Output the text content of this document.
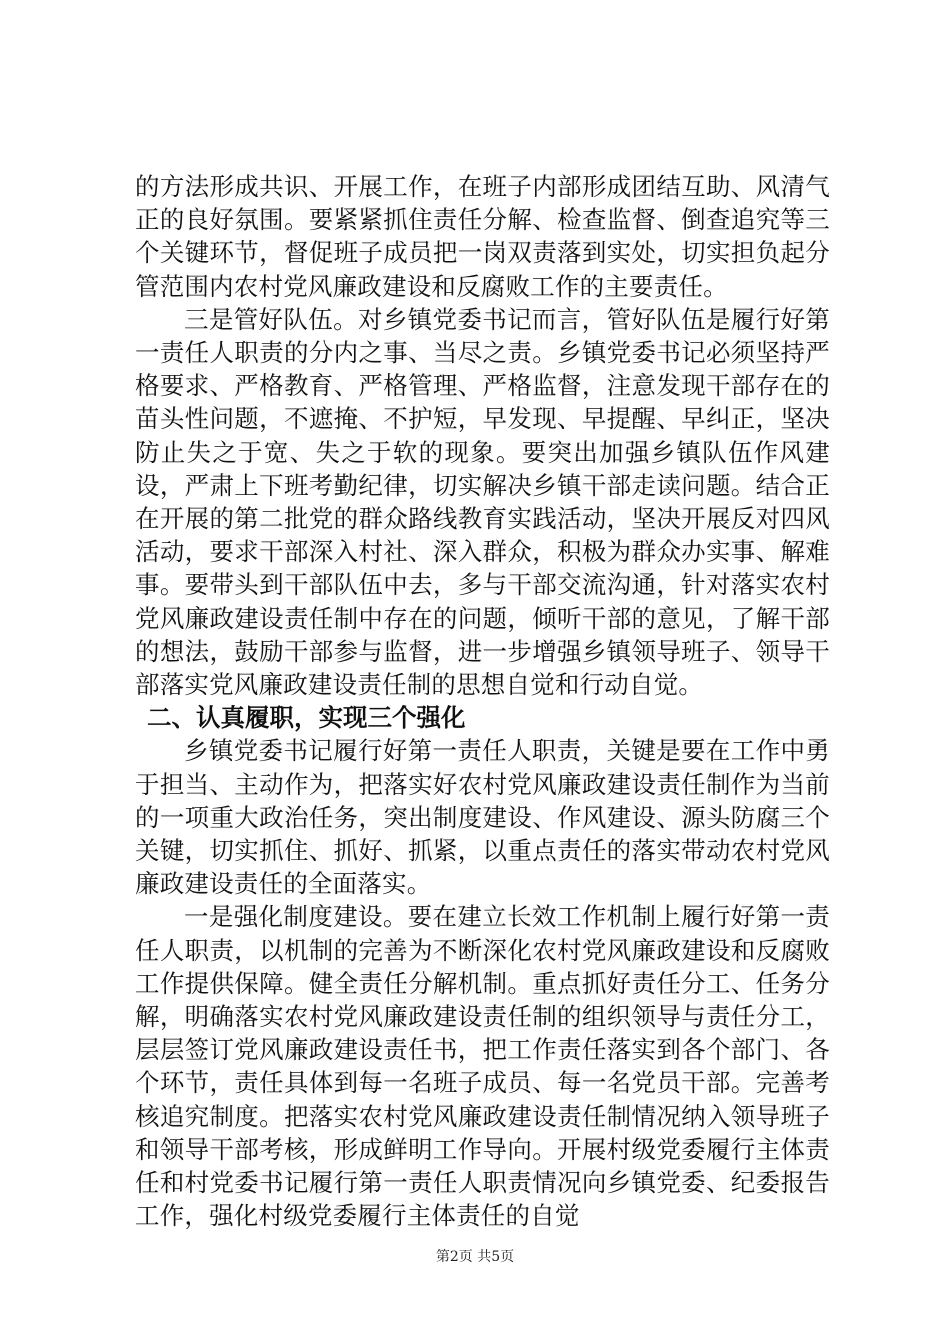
的方法形成共识、开展工作，在班子内部形成团结互助、风清气正的良好氛围。要紧紧抓住责任分解、检查监督、倒查追究等三个关键环节，督促班子成员把一岗双责落到实处，切实担负起分管范围内农村党风廉政建设和反腐败工作的主要责任。

三是管好队伍。对乡镇党委书记而言，管好队伍是履行好第一责任人职责的分内之事、当尽之责。乡镇党委书记必须坚持严格要求、严格教育、严格管理、严格监督，注意发现干部存在的苗头性问题，不遮掩、不护短，早发现、早提醒、早纠正，坚决防止失之于宽、失之于软的现象。要突出加强乡镇队伍作风建设，严肃上下班考勤纪律，切实解决乡镇干部走读问题。结合正在开展的第二批党的群众路线教育实践活动，坚决开展反对四风活动，要求干部深入村社、深入群众，积极为群众办实事、解难事。要带头到干部队伍中去，多与干部交流沟通，针对落实农村党风廉政建设责任制中存在的问题，倾听干部的意见，了解干部的想法，鼓励干部参与监督，进一步增强乡镇领导班子、领导干部落实党风廉政建设责任制的思想自觉和行动自觉。

二、认真履职，实现三个强化

乡镇党委书记履行好第一责任人职责，关键是要在工作中勇于担当、主动作为，把落实好农村党风廉政建设责任制作为当前的一项重大政治任务，突出制度建设、作风建设、源头防腐三个关键，切实抓住、抓好、抓紧，以重点责任的落实带动农村党风廉政建设责任的全面落实。

一是强化制度建设。要在建立长效工作机制上履行好第一责任人职责，以机制的完善为不断深化农村党风廉政建设和反腐败工作提供保障。健全责任分解机制。重点抓好责任分工、任务分解，明确落实农村党风廉政建设责任制的组织领导与责任分工，层层签订党风廉政建设责任书，把工作责任落实到各个部门、各个环节，责任具体到每一名班子成员、每一名党员干部。完善考核追究制度。把落实农村党风廉政建设责任制情况纳入领导班子和领导干部考核，形成鲜明工作导向。开展村级党委履行主体责任和村党委书记履行第一责任人职责情况向乡镇党委、纪委报告工作，强化村级党委履行主体责任的自觉

第2页 共5页
